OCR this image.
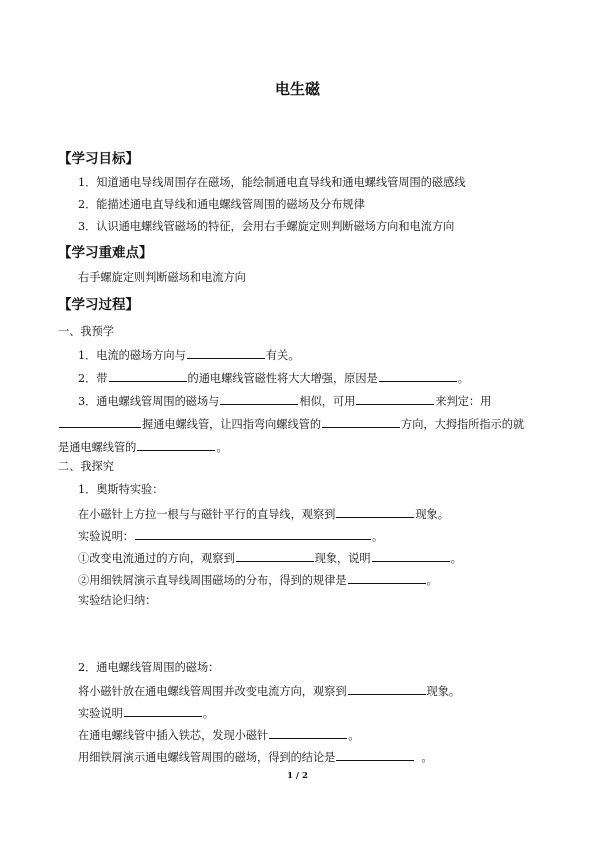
电生磁
【学习目标】
1．知道通电导线周围存在磁场，能绘制通电直导线和通电螺线管周围的磁感线
2．能描述通电直导线和通电螺线管周围的磁场及分布规律
3．认识通电螺线管磁场的特征，会用右手螺旋定则判断磁场方向和电流方向
【学习重难点】
右手螺旋定则判断磁场和电流方向
【学习过程】
一、我预学
1．电流的磁场方向与	有关。
2．带	的通电螺线管磁性将大大增强，原因是	。
3．通电螺线管周围的磁场与	相似，可用	来判定：用
握通电螺线管，让四指弯向螺线管的	方向，大拇指所指示的就
是通电螺线管的	。
二、我探究
1．奥斯特实验：
在小磁针上方拉一根与与磁针平行的直导线，观察到	现象。
实验说明：	。
①改变电流通过的方向，观察到	现象，说明	。
②用细铁屑演示直导线周围磁场的分布，得到的规律是	。
实验结论归纳：
2．通电螺线管周围的磁场：
将小磁针放在通电螺线管周围并改变电流方向，观察到	现象。
实验说明	。
在通电螺线管中插入铁芯，发现小磁针	。
用细铁屑演示通电螺线管周围的磁场，得到的结论是	。
1 / 2
